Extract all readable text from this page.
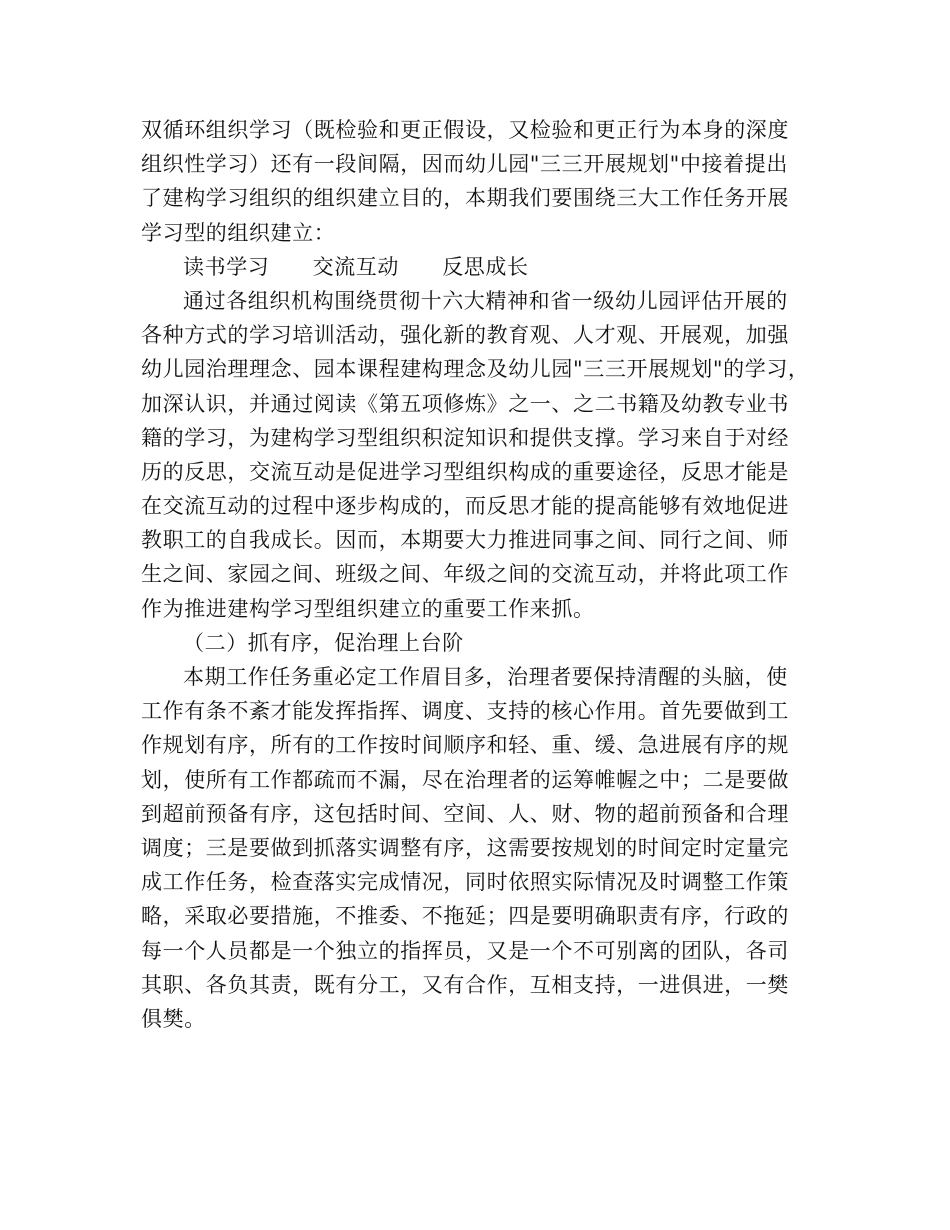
双循环组织学习（既检验和更正假设，又检验和更正行为本身的深度
组织性学习）还有一段间隔，因而幼儿园"三三开展规划"中接着提出
了建构学习组织的组织建立目的，本期我们要围绕三大工作任务开展
学习型的组织建立：
读书学习　　交流互动　　反思成长
通过各组织机构围绕贯彻十六大精神和省一级幼儿园评估开展的
各种方式的学习培训活动，强化新的教育观、人才观、开展观，加强
幼儿园治理理念、园本课程建构理念及幼儿园"三三开展规划"的学习，
加深认识，并通过阅读《第五项修炼》之一、之二书籍及幼教专业书
籍的学习，为建构学习型组织积淀知识和提供支撑。学习来自于对经
历的反思，交流互动是促进学习型组织构成的重要途径，反思才能是
在交流互动的过程中逐步构成的，而反思才能的提高能够有效地促进
教职工的自我成长。因而，本期要大力推进同事之间、同行之间、师
生之间、家园之间、班级之间、年级之间的交流互动，并将此项工作
作为推进建构学习型组织建立的重要工作来抓。
（二）抓有序，促治理上台阶
本期工作任务重必定工作眉目多，治理者要保持清醒的头脑，使
工作有条不紊才能发挥指挥、调度、支持的核心作用。首先要做到工
作规划有序，所有的工作按时间顺序和轻、重、缓、急进展有序的规
划，使所有工作都疏而不漏，尽在治理者的运筹帷幄之中；二是要做
到超前预备有序，这包括时间、空间、人、财、物的超前预备和合理
调度；三是要做到抓落实调整有序，这需要按规划的时间定时定量完
成工作任务，检查落实完成情况，同时依照实际情况及时调整工作策
略，采取必要措施，不推委、不拖延；四是要明确职责有序，行政的
每一个人员都是一个独立的指挥员，又是一个不可别离的团队，各司
其职、各负其责，既有分工，又有合作，互相支持，一进俱进，一樊
俱樊。
